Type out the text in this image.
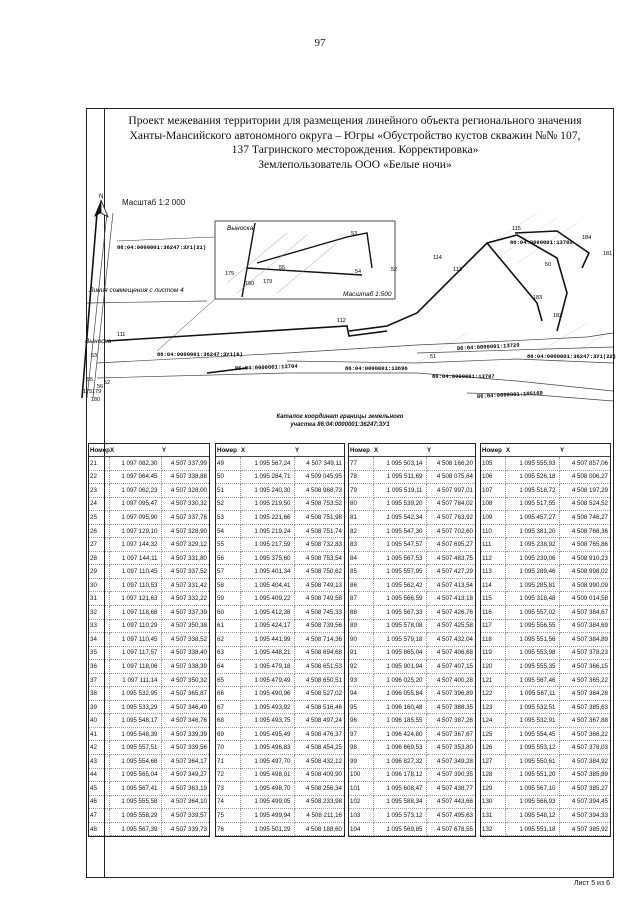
97
Проект межевания территории для размещения линейного объекта регионального значения
Ханты-Мансийского автономного округа – Югры «Обустройство кустов скважин №№ 107,
137 Тагринского месторождения. Корректировка»
Землепользователь ООО «Белые ночи»
N
Масштаб 1:2 000
86:04:0000001:36247:ЗУ1(21)
86:04:0000001:13702
86:04:0000001:36247:ЗУ1(6)
86:04:0000001:13729
86:04:0000001:36247:ЗУ1(22)
86:04:0000001:13704	86:04:0000001:13696
86:04:0000001:13707
86:04:0000001:105160
Выноска
Линия совмещения с листом 4
Масштаб 1:500
Выноска
115
184
181
114
113
50
183
182
112
111
51
53
54	52
55
175
180 179
53
55
56
52
175 179
180
Каталог координат границы земельного
участка 86:04:0000001:36247:ЗУ1
Номер	X	Y
21	1 097 082,30	4 507 337,99
22	1 097 064,45	4 507 338,88
23	1 097 062,23	4 507 328,00
24	1 097 095,47	4 507 330,32
25	1 097 095,90	4 507 337,76
26	1 097 129,10	4 507 328,90
27	1 097 144,32	4 507 329,12
28	1 097 144,11	4 507 331,80
29	1 097 110,45	4 507 337,52
30	1 097 110,53	4 507 331,42
31	1 097 121,63	4 507 332,22
32	1 097 118,68	4 507 337,39
33	1 097 110,29	4 507 350,38
34	1 097 110,45	4 507 338,52
35	1 097 117,57	4 507 338,40
36	1 097 118,06	4 507 338,39
37	1 097 111,14	4 507 350,32
38	1 095 532,95	4 507 365,87
39	1 095 533,29	4 507 346,49
40	1 095 548,17	4 507 346,76
41	1 095 548,39	4 507 339,39
42	1 095 557,51	4 507 339,56
43	1 095 554,68	4 507 364,17
44	1 095 565,04	4 507 349,27
45	1 095 567,41	4 507 363,19
46	1 095 555,58	4 507 364,10
47	1 095 558,29	4 507 339,57
48	1 095 567,39	4 507 339,73
Номер	X	Y
49	1 095 567,24	4 507 349,11
50	1 095 284,71	4 509 045,95
51	1 095 240,30	4 508 968,73
52	1 095 219,50	4 508 753,52
53	1 095 221,66	4 508 751,98
54	1 095 219,24	4 508 751,74
55	1 095 217,59	4 508 732,83
56	1 095 375,60	4 508 753,54
57	1 095 401,34	4 508 750,62
58	1 095 404,41	4 508 749,13
59	1 095 409,22	4 508 749,58
60	1 095 412,38	4 508 745,33
61	1 095 424,17	4 508 739,56
62	1 095 441,99	4 508 714,36
63	1 095 448,21	4 508 694,68
64	1 095 479,18	4 508 651,53
65	1 095 479,49	4 508 650,51
66	1 095 490,96	4 508 527,02
67	1 095 493,92	4 508 516,46
68	1 095 493,75	4 508 497,24
69	1 095 495,49	4 508 476,37
70	1 095 496,83	4 508 454,25
71	1 095 497,70	4 508 432,12
72	1 095 498,01	4 508 409,90
73	1 095 498,70	4 508 256,34
74	1 095 499,05	4 508 233,98
75	1 095 499,94	4 508 211,16
76	1 095 501,29	4 508 188,60
Номер	X	Y
77	1 095 503,14	4 508 166,20
78	1 095 511,69	4 508 075,64
79	1 095 519,11	4 507 997,01
80	1 095 539,20	4 507 784,02
81	1 095 542,34	4 507 763,92
82	1 095 547,30	4 507 702,60
83	1 095 547,57	4 507 695,27
84	1 095 567,53	4 507 483,75
85	1 095 557,95	4 507 427,29
86	1 095 562,42	4 507 413,54
87	1 095 566,59	4 507 413,18
88	1 095 567,33	4 507 426,76
89	1 095 578,08	4 507 425,58
90	1 095 579,18	4 507 432,04
91	1 095 865,04	4 507 406,68
92	1 095 901,94	4 507 407,15
93	1 096 025,20	4 507 400,28
94	1 096 055,84	4 507 396,89
95	1 096 160,48	4 507 388,35
96	1 096 185,55	4 507 387,26
97	1 096 424,80	4 507 367,67
98	1 096 669,53	4 507 353,80
99	1 096 827,32	4 507 349,28
100	1 096 178,12	4 507 390,35
101	1 095 608,47	4 507 438,77
102	1 095 588,34	4 507 443,66
103	1 095 573,12	4 507 495,63
104	1 095 569,85	4 507 678,55
Номер	X	Y
105	1 095 555,93	4 507 857,06
106	1 095 526,18	4 508 006,27
107	1 095 518,72	4 508 197,29
108	1 095 517,55	4 508 524,52
109	1 095 457,27	4 508 746,27
110	1 095 381,20	4 508 766,36
111	1 095 238,92	4 508 765,86
112	1 095 239,06	4 508 910,23
113	1 095 289,46	4 508 998,02
114	1 095 285,81	4 508 990,09
115	1 095 318,48	4 509 014,58
116	1 095 557,02	4 507 384,67
117	1 095 556,55	4 507 384,69
118	1 095 551,56	4 507 384,89
119	1 095 553,98	4 507 378,23
120	1 095 555,35	4 507 366,15
121	1 095 567,46	4 507 365,22
122	1 095 567,11	4 507 384,28
123	1 095 532,51	4 507 385,63
124	1 095 532,91	4 507 367,88
125	1 095 554,45	4 507 366,22
126	1 095 553,12	4 507 378,03
127	1 095 550,61	4 507 384,92
128	1 095 551,20	4 507 385,89
129	1 095 567,10	4 507 385,27
130	1 095 566,93	4 507 394,45
131	1 095 548,12	4 507 394,33
132	1 095 551,18	4 507 385,92
Лист 5 из 6
